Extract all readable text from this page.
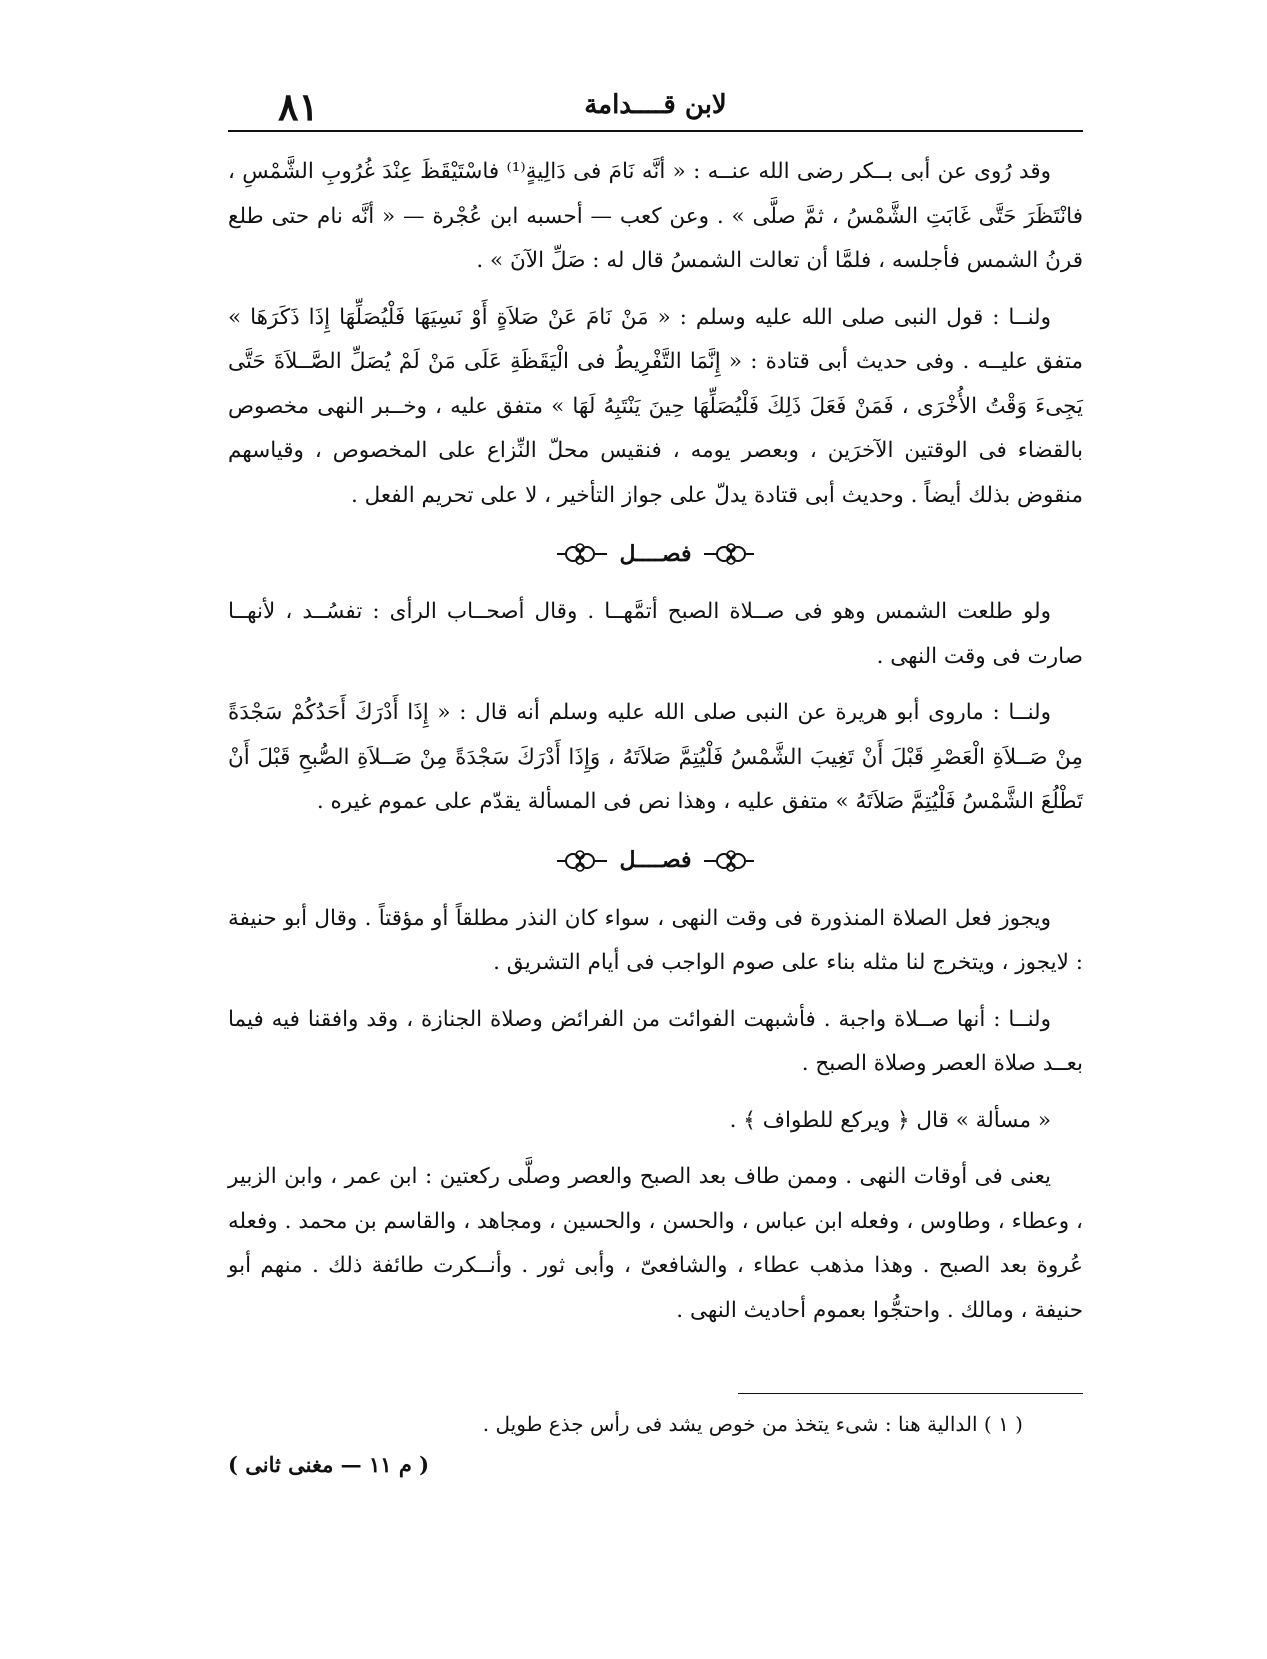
لابن قــــدامة
٨١

وقد رُوى عن أبى بــكر رضى الله عنــه : « أنَّه نَامَ فى دَالِيةٍ⁽¹⁾ فاسْتَيْقَظَ عِنْدَ غُرُوبِ الشَّمْسِ ، فانْتَظَرَ حَتَّى غَابَتِ الشَّمْسُ ، ثمَّ صلَّى » . وعن كعب — أحسبه ابن عُجْرة — « أنَّه نام حتى طلع قرنُ الشمس فأجلسه ، فلمَّا أن تعالت الشمسُ قال له : صَلِّ الآنَ » .

ولنــا : قول النبى صلى الله عليه وسلم : « مَنْ نَامَ عَنْ صَلاَةٍ أَوْ نَسِيَهَا فَلْيُصَلِّهَا إِذَا ذَكَرَهَا » متفق عليــه . وفى حديث أبى قتادة : « إِنَّمَا التَّفْرِيطُ فى الْيَقَظَةِ عَلَى مَنْ لَمْ يُصَلِّ الصَّــلاَةَ حَتَّى يَجِىءَ وَقْتُ الأُخْرَى ، فَمَنْ فَعَلَ ذَلِكَ فَلْيُصَلِّهَا حِينَ يَنْتَبِهُ لَهَا » متفق عليه ، وخــبر النهى مخصوص بالقضاء فى الوقتين الآخرَين ، وبعصر يومه ، فنقيس محلّ النِّزاع على المخصوص ، وقياسهم منقوض بذلك أيضاً . وحديث أبى قتادة يدلّ على جواز التأخير ، لا على تحريم الفعل .

فصــــل

ولو طلعت الشمس وهو فى صــلاة الصبح أتمَّهــا . وقال أصحــاب الرأى : تفسُــد ، لأنهــا صارت فى وقت النهى .

ولنــا : ماروى أبو هريرة عن النبى صلى الله عليه وسلم أنه قال : « إِذَا أَدْرَكَ أَحَدُكُمْ سَجْدَةً مِنْ صَــلاَةِ الْعَصْرِ قَبْلَ أَنْ تَغِيبَ الشَّمْسُ فَلْيُتِمَّ صَلاَتَهُ ، وَإِذَا أَدْرَكَ سَجْدَةً مِنْ صَــلاَةِ الصُّبحِ قَبْلَ أَنْ تَطْلُعَ الشَّمْسُ فَلْيُتِمَّ صَلاَتَهُ » متفق عليه ، وهذا نص فى المسألة يقدّم على عموم غيره .

فصــــل

ويجوز فعل الصلاة المنذورة فى وقت النهى ، سواء كان النذر مطلقاً أو مؤقتاً . وقال أبو حنيفة : لايجوز ، ويتخرج لنا مثله بناء على صوم الواجب فى أيام التشريق .

ولنــا : أنها صــلاة واجبة . فأشبهت الفوائت من الفرائض وصلاة الجنازة ، وقد وافقنا فيه فيما بعــد صلاة العصر وصلاة الصبح .

« مسألة » قال ﴿ ويركع للطواف ﴾ .

يعنى فى أوقات النهى . وممن طاف بعد الصبح والعصر وصلَّى ركعتين : ابن عمر ، وابن الزبير ، وعطاء ، وطاوس ، وفعله ابن عباس ، والحسن ، والحسين ، ومجاهد ، والقاسم بن محمد . وفعله عُروة بعد الصبح . وهذا مذهب عطاء ، والشافعىّ ، وأبى ثور . وأنــكرت طائفة ذلك . منهم أبو حنيفة ، ومالك . واحتجُّوا بعموم أحاديث النهى .

( ١ ) الدالية هنا : شىء يتخذ من خوص يشد فى رأس جذع طويل .
( م ١١ — مغنى ثانى )
